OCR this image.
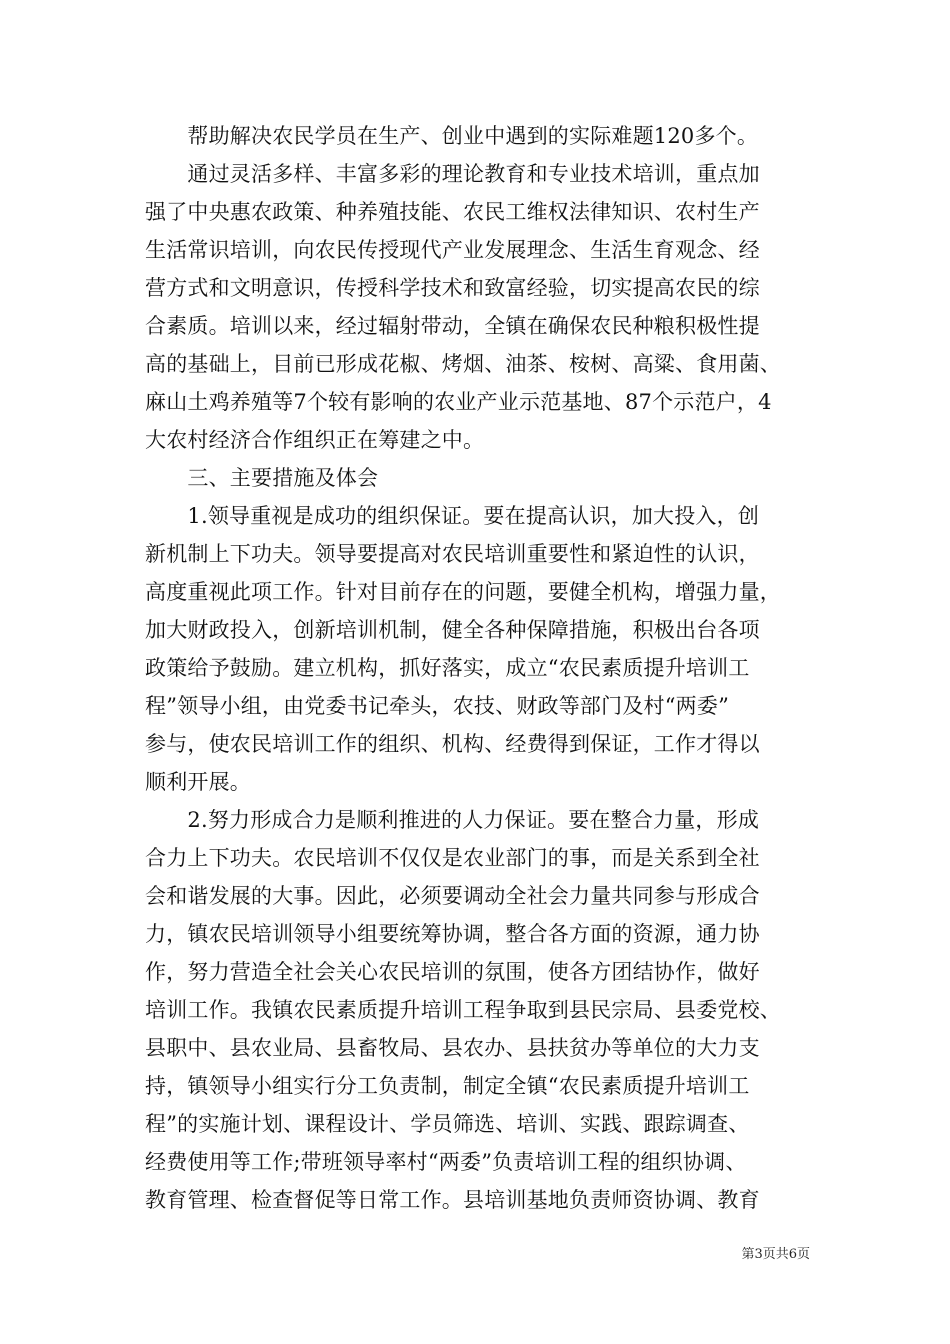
　　帮助解决农民学员在生产、创业中遇到的实际难题120多个。
　　通过灵活多样、丰富多彩的理论教育和专业技术培训，重点加
强了中央惠农政策、种养殖技能、农民工维权法律知识、农村生产
生活常识培训，向农民传授现代产业发展理念、生活生育观念、经
营方式和文明意识，传授科学技术和致富经验，切实提高农民的综
合素质。培训以来，经过辐射带动，全镇在确保农民种粮积极性提
高的基础上，目前已形成花椒、烤烟、油茶、桉树、高粱、食用菌、
麻山土鸡养殖等7个较有影响的农业产业示范基地、87个示范户，4
大农村经济合作组织正在筹建之中。
　　三、主要措施及体会
　　1.领导重视是成功的组织保证。要在提高认识，加大投入，创
新机制上下功夫。领导要提高对农民培训重要性和紧迫性的认识，
高度重视此项工作。针对目前存在的问题，要健全机构，增强力量，
加大财政投入，创新培训机制，健全各种保障措施，积极出台各项
政策给予鼓励。建立机构，抓好落实，成立“农民素质提升培训工
程”领导小组，由党委书记牵头，农技、财政等部门及村“两委”
参与，使农民培训工作的组织、机构、经费得到保证，工作才得以
顺利开展。
　　2.努力形成合力是顺利推进的人力保证。要在整合力量，形成
合力上下功夫。农民培训不仅仅是农业部门的事，而是关系到全社
会和谐发展的大事。因此，必须要调动全社会力量共同参与形成合
力，镇农民培训领导小组要统筹协调，整合各方面的资源，通力协
作，努力营造全社会关心农民培训的氛围，使各方团结协作，做好
培训工作。我镇农民素质提升培训工程争取到县民宗局、县委党校、
县职中、县农业局、县畜牧局、县农办、县扶贫办等单位的大力支
持，镇领导小组实行分工负责制，制定全镇“农民素质提升培训工
程”的实施计划、课程设计、学员筛选、培训、实践、跟踪调查、
经费使用等工作;带班领导率村“两委”负责培训工程的组织协调、
教育管理、检查督促等日常工作。县培训基地负责师资协调、教育
第3页共6页
